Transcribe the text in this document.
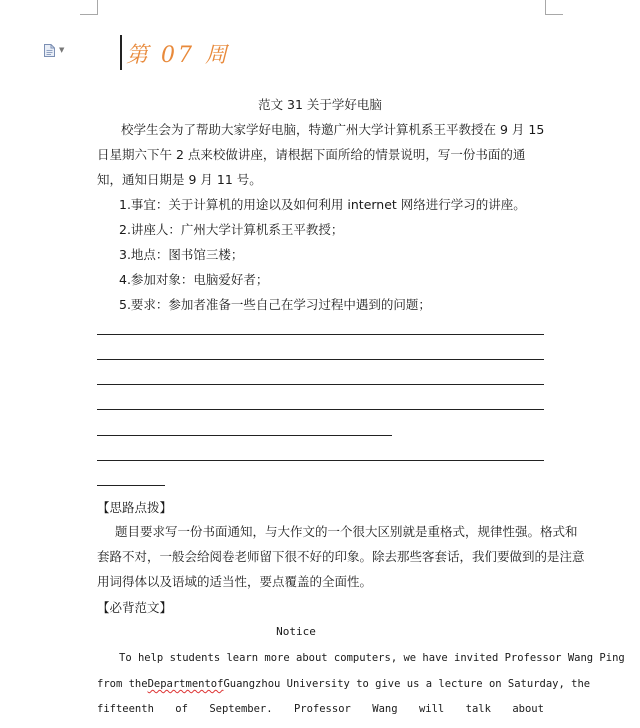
▼	第 07 周
范文 31 关于学好电脑

校学生会为了帮助大家学好电脑，特邀广州大学计算机系王平教授在 9 月 15 日星期六下午 2 点来校做讲座，请根据下面所给的情景说明，写一份书面的通知，通知日期是 9 月 11 号。

1.事宜：关于计算机的用途以及如何利用 internet 网络进行学习的讲座。
2.讲座人：广州大学计算机系王平教授；
3.地点：图书馆三楼；
4.参加对象：电脑爱好者；
5.要求：参加者准备一些自己在学习过程中遇到的问题；
【思路点拨】

题目要求写一份书面通知，与大作文的一个很大区别就是重格式，规律性强。格式和套路不对，一般会给阅卷老师留下很不好的印象。除去那些客套话，我们要做到的是注意用词得体以及语域的适当性，要点覆盖的全面性。

【必背范文】
Notice
To help students learn more about computers, we have invited Professor Wang Ping
from the Departmentof Guangzhou University to give us a lecture on Saturday, the
fifteenth of September. Professor Wang will talk about
